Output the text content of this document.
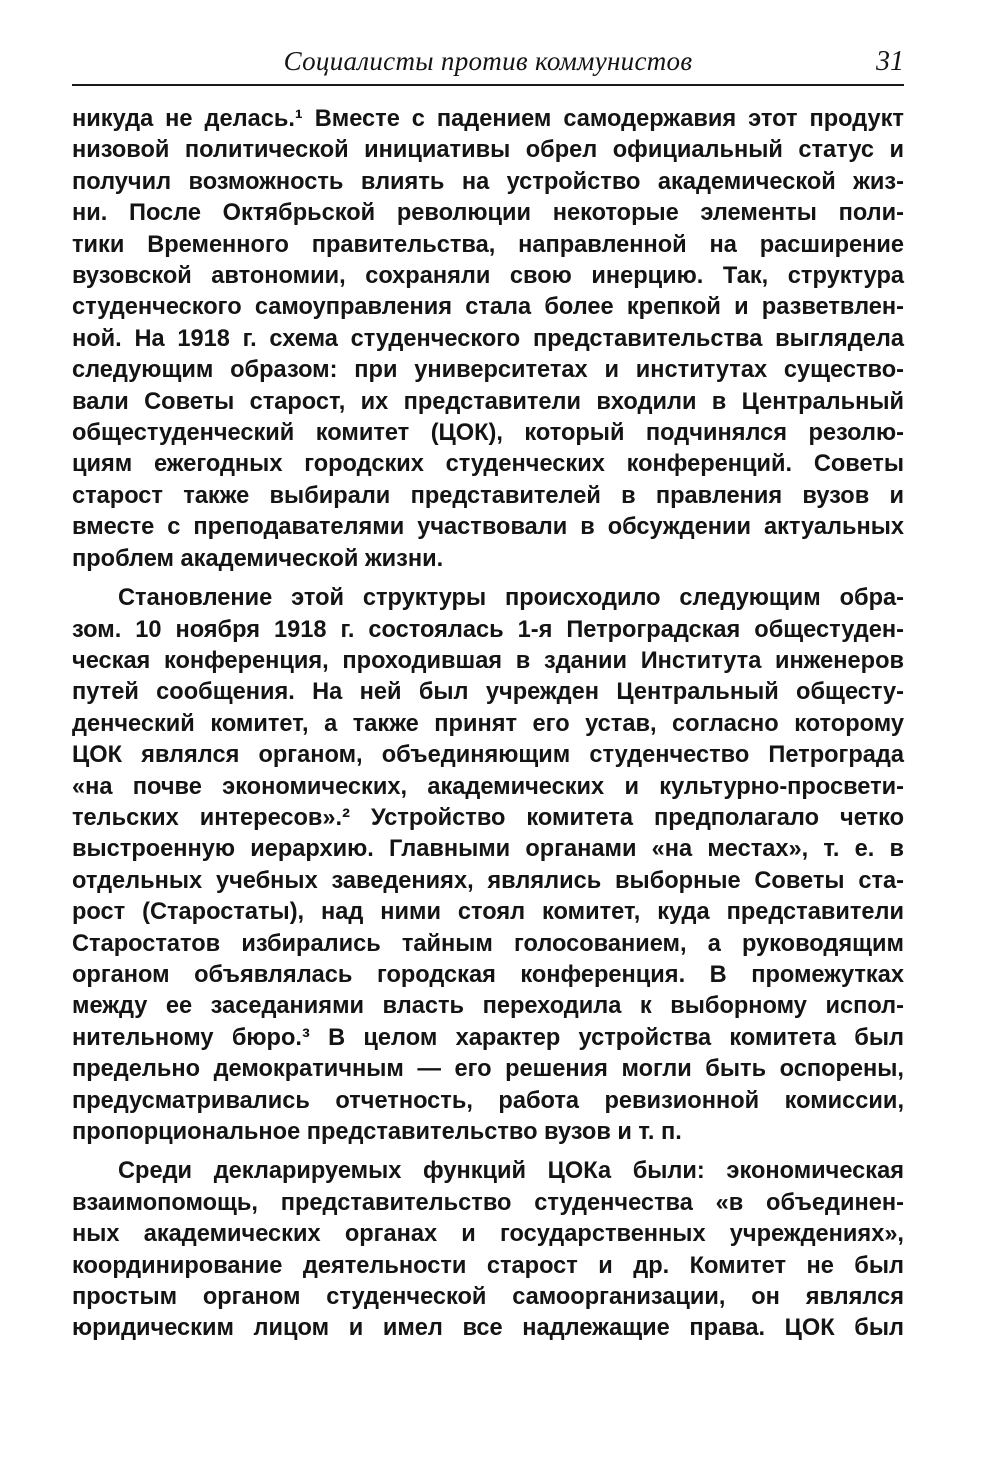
Социалисты против коммунистов	31
никуда не делась.¹ Вместе с падением самодержавия этот продукт
низовой политической инициативы обрел официальный статус и
получил возможность влиять на устройство академической жиз-
ни. После Октябрьской революции некоторые элементы поли-
тики Временного правительства, направленной на расширение
вузовской автономии, сохраняли свою инерцию. Так, структура
студенческого самоуправления стала более крепкой и разветвлен-
ной. На 1918 г. схема студенческого представительства выглядела
следующим образом: при университетах и институтах существо-
вали Советы старост, их представители входили в Центральный
общестуденческий комитет (ЦОК), который подчинялся резолю-
циям ежегодных городских студенческих конференций. Советы
старост также выбирали представителей в правления вузов и
вместе с преподавателями участвовали в обсуждении актуальных
проблем академической жизни.
Становление этой структуры происходило следующим обра-
зом. 10 ноября 1918 г. состоялась 1-я Петроградская общестуден-
ческая конференция, проходившая в здании Института инженеров
путей сообщения. На ней был учрежден Центральный общесту-
денческий комитет, а также принят его устав, согласно которому
ЦОК являлся органом, объединяющим студенчество Петрограда
«на почве экономических, академических и культурно-просвети-
тельских интересов».² Устройство комитета предполагало четко
выстроенную иерархию. Главными органами «на местах», т. е. в
отдельных учебных заведениях, являлись выборные Советы ста-
рост (Старостаты), над ними стоял комитет, куда представители
Старостатов избирались тайным голосованием, а руководящим
органом объявлялась городская конференция. В промежутках
между ее заседаниями власть переходила к выборному испол-
нительному бюро.³ В целом характер устройства комитета был
предельно демократичным — его решения могли быть оспорены,
предусматривались отчетность, работа ревизионной комиссии,
пропорциональное представительство вузов и т. п.
Среди декларируемых функций ЦОКа были: экономическая
взаимопомощь, представительство студенчества «в объединен-
ных академических органах и государственных учреждениях»,
координирование деятельности старост и др. Комитет не был
простым органом студенческой самоорганизации, он являлся
юридическим лицом и имел все надлежащие права. ЦОК был
